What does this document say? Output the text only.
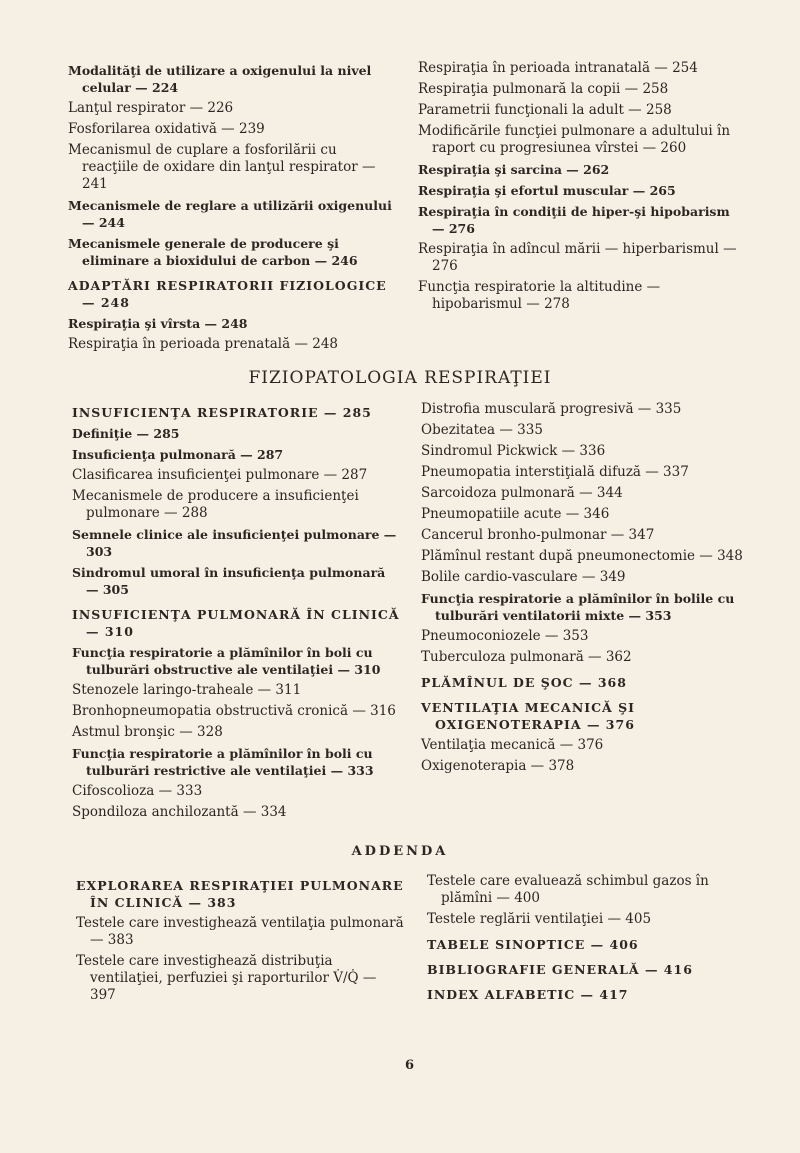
Modalităţi de utilizare a oxigenului la nivel celular — 224
Lanţul respirator — 226
Fosforilarea oxidativă — 239
Mecanismul de cuplare a fosforilării cu reacţiile de oxidare din lanţul respirator — 241
Mecanismele de reglare a utilizării oxigenului — 244
Mecanismele generale de producere şi eliminare a bioxidului de carbon — 246
ADAPTĂRI RESPIRATORII FIZIOLOGICE — 248
Respiraţia şi vîrsta — 248
Respiraţia în perioada prenatală — 248
Respiraţia în perioada intranatală — 254
Respiraţia pulmonară la copii — 258
Parametrii funcţionali la adult — 258
Modificările funcţiei pulmonare a adultului în raport cu progresiunea vîrstei — 260
Respiraţia şi sarcina — 262
Respiraţia şi efortul muscular — 265
Respiraţia în condiţii de hiper-şi hipobarism — 276
Respiraţia în adîncul mării — hiperbarismul — 276
Funcţia respiratorie la altitudine — hipobarismul — 278
FIZIOPATOLOGIA RESPIRAŢIEI
INSUFICIENŢA RESPIRATORIE — 285
Definiţie — 285
Insuficienţa pulmonară — 287
Clasificarea insuficienţei pulmonare — 287
Mecanismele de producere a insuficienţei pulmonare — 288
Semnele clinice ale insuficienţei pulmonare — 303
Sindromul umoral în insuficienţa pulmonară — 305
INSUFICIENŢA PULMONARĂ ÎN CLINICĂ — 310
Funcţia respiratorie a plămînilor în boli cu tulburări obstructive ale ventilaţiei — 310
Stenozele laringo-traheale — 311
Bronhopneumopatia obstructivă cronică — 316
Astmul bronşic — 328
Funcţia respiratorie a plămînilor în boli cu tulburări restrictive ale ventilaţiei — 333
Cifoscolioza — 333
Spondiloza anchilozantă — 334
Distrofia musculară progresivă — 335
Obezitatea — 335
Sindromul Pickwick — 336
Pneumopatia interstiţială difuză — 337
Sarcoidoza pulmonară — 344
Pneumopatiile acute — 346
Cancerul bronho-pulmonar — 347
Plămînul restant după pneumonectomie — 348
Bolile cardio-vasculare — 349
Funcţia respiratorie a plămînilor în bolile cu tulburări ventilatorii mixte — 353
Pneumoconiozele — 353
Tuberculoza pulmonară — 362
PLĂMÎNUL DE ŞOC — 368
VENTILAŢIA MECANICĂ ŞI OXIGENOTERAPIA — 376
Ventilaţia mecanică — 376
Oxigenoterapia — 378
ADDENDA
EXPLORAREA RESPIRAŢIEI PULMONARE ÎN CLINICĂ — 383
Testele care investighează ventilaţia pulmonară — 383
Testele care investighează distribuţia ventilaţiei, perfuziei şi raporturilor V̇/Q̇ — 397
Testele care evaluează schimbul gazos în plămîni — 400
Testele reglării ventilaţiei — 405
TABELE SINOPTICE — 406
BIBLIOGRAFIE GENERALĂ — 416
INDEX ALFABETIC — 417
6
